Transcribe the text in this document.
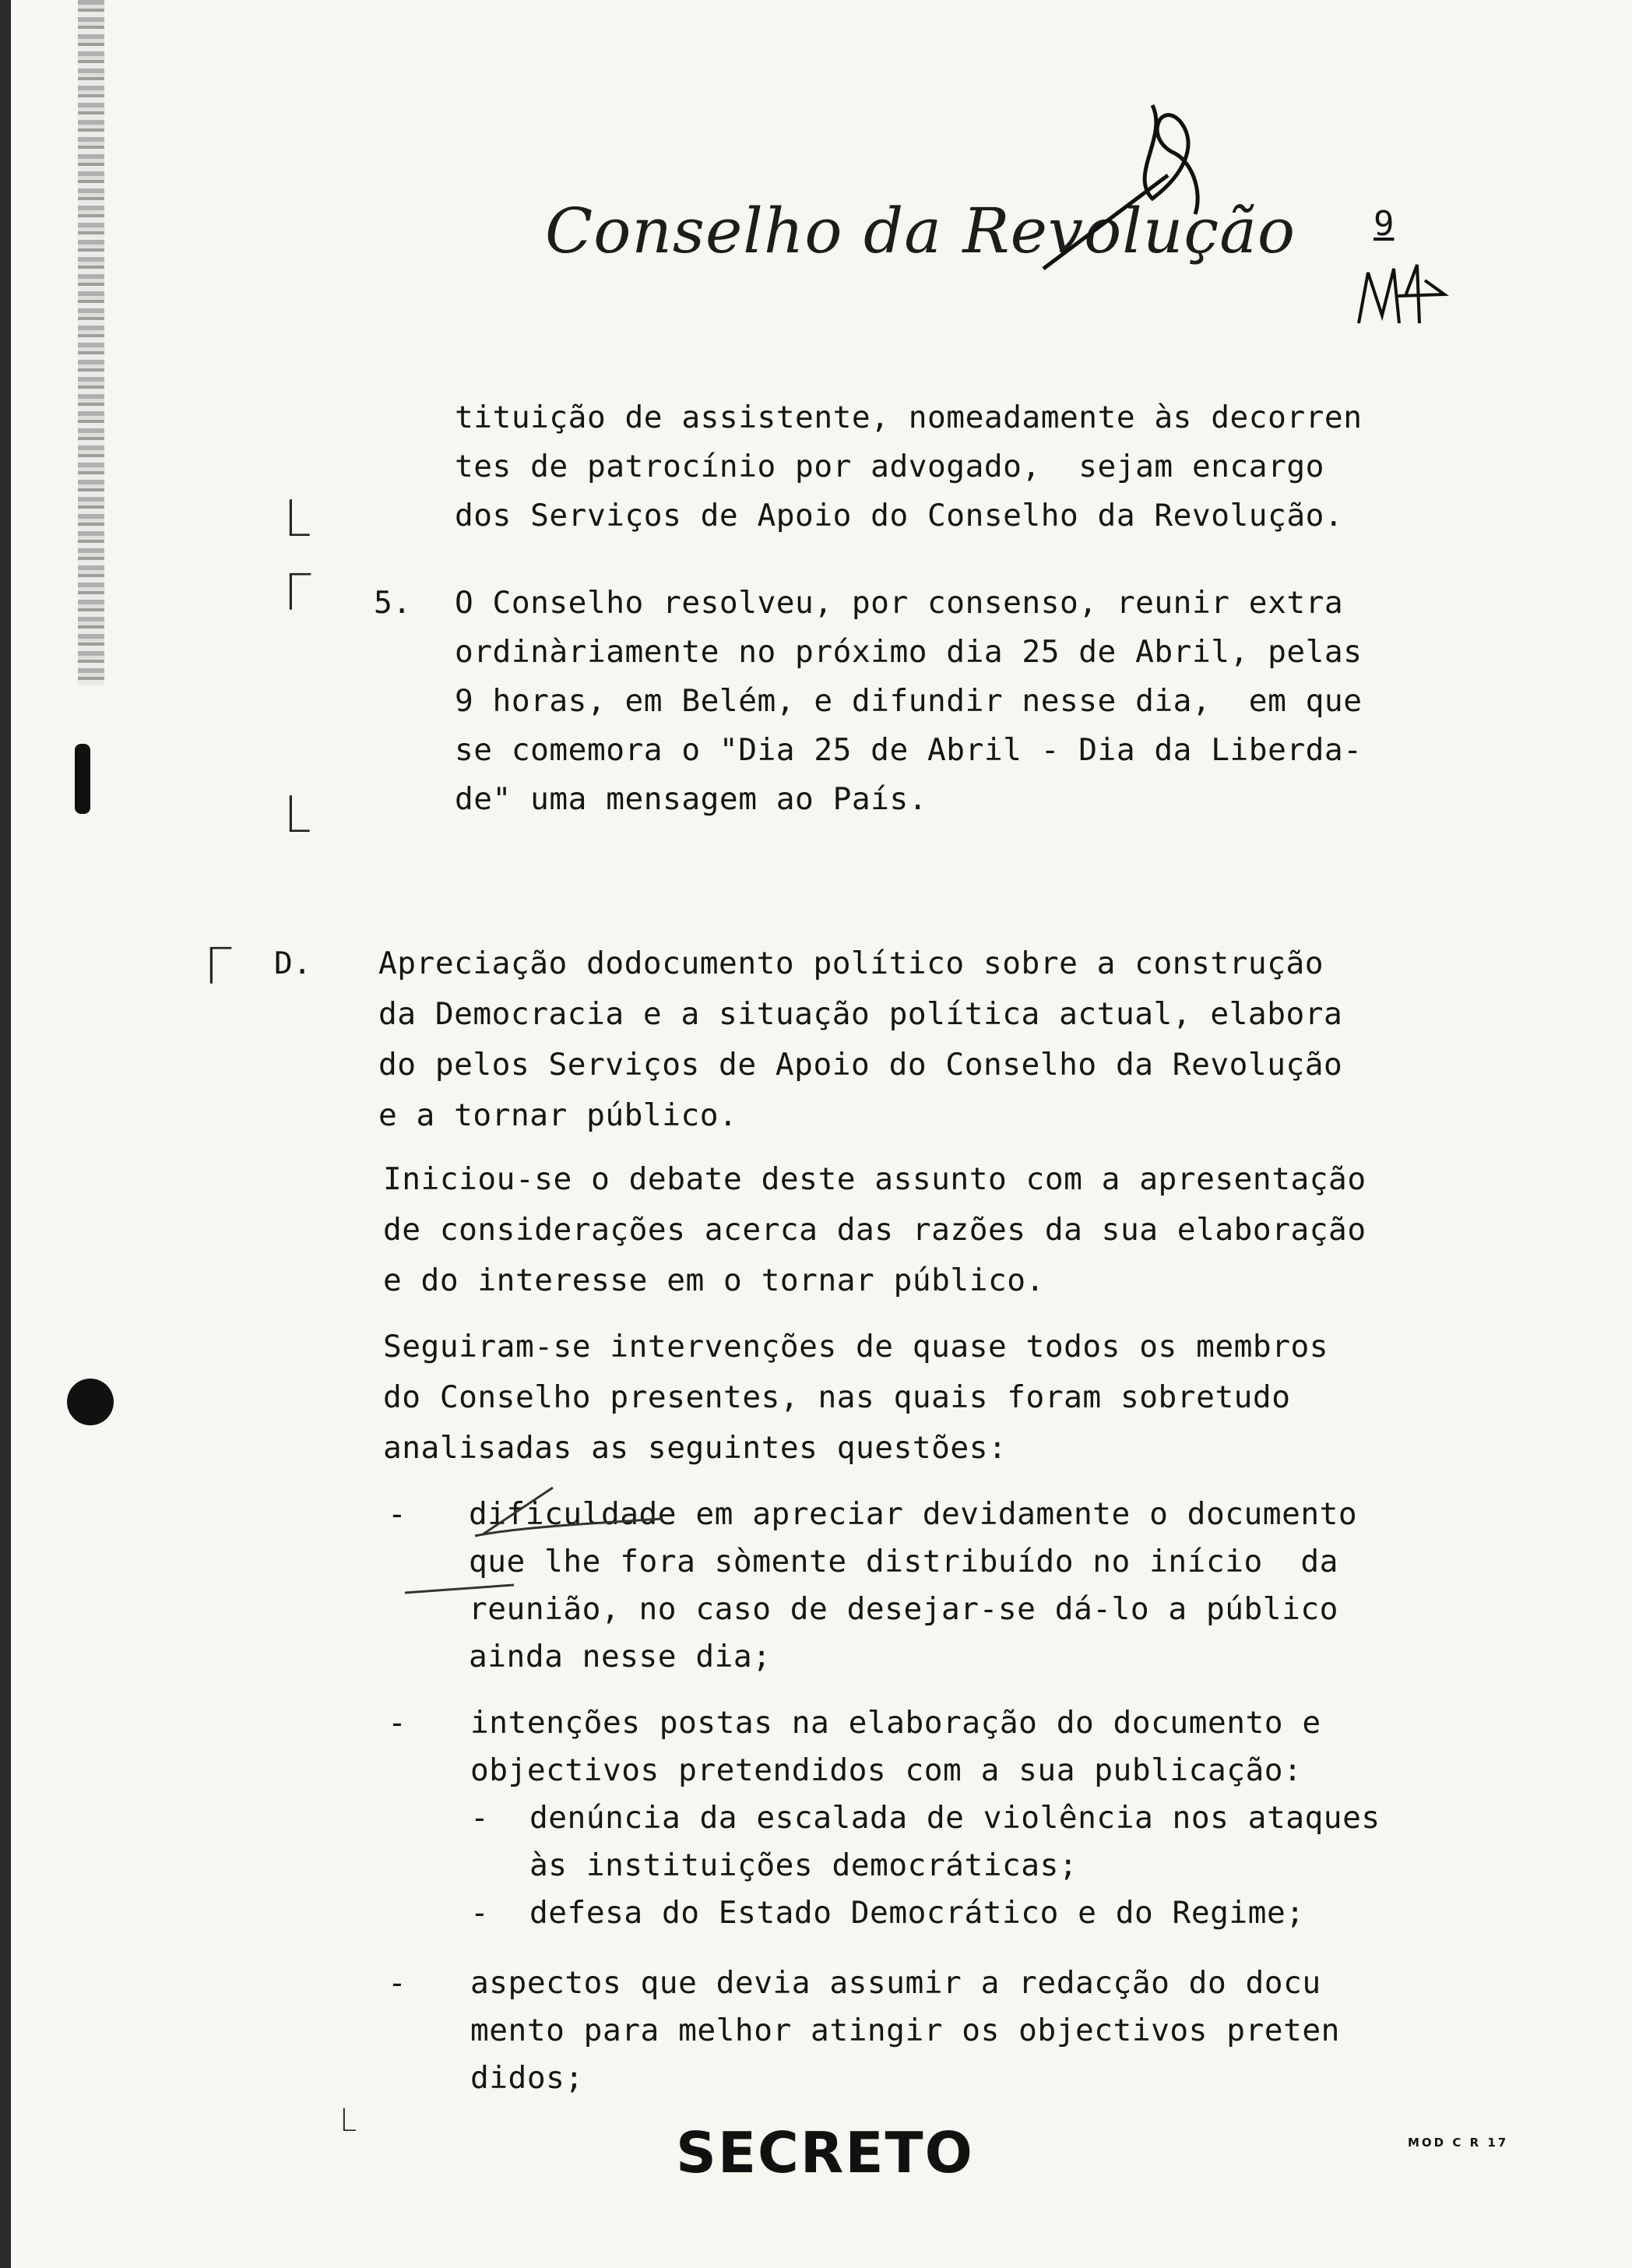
Conselho da Revolução 9
tituição de assistente, nomeadamente às decorren
tes de patrocínio por advogado,  sejam encargo
dos Serviços de Apoio do Conselho da Revolução.
L
Γ
L
Γ
5. O Conselho resolveu, por consenso, reunir extra
ordinàriamente no próximo dia 25 de Abril, pelas
9 horas, em Belém, e difundir nesse dia,  em que
se comemora o "Dia 25 de Abril - Dia da Liberda-
de" uma mensagem ao País.
D. Apreciação dodocumento político sobre a construção
da Democracia e a situação política actual, elabora
do pelos Serviços de Apoio do Conselho da Revolução
e a tornar público.
Iniciou-se o debate deste assunto com a apresentação
de considerações acerca das razões da sua elaboração
e do interesse em o tornar público.
Seguiram-se intervenções de quase todos os membros
do Conselho presentes, nas quais foram sobretudo
analisadas as seguintes questões:
- dificuldade em apreciar devidamente o documento
que lhe fora sòmente distribuído no início  da
reunião, no caso de desejar-se dá-lo a público
ainda nesse dia;
- intenções postas na elaboração do documento e
objectivos pretendidos com a sua publicação:
- denúncia da escalada de violência nos ataques
às instituições democráticas;
- defesa do Estado Democrático e do Regime;
- aspectos que devia assumir a redacção do docu
mento para melhor atingir os objectivos preten
didos;
L	SECRETO	MOD C R 17
